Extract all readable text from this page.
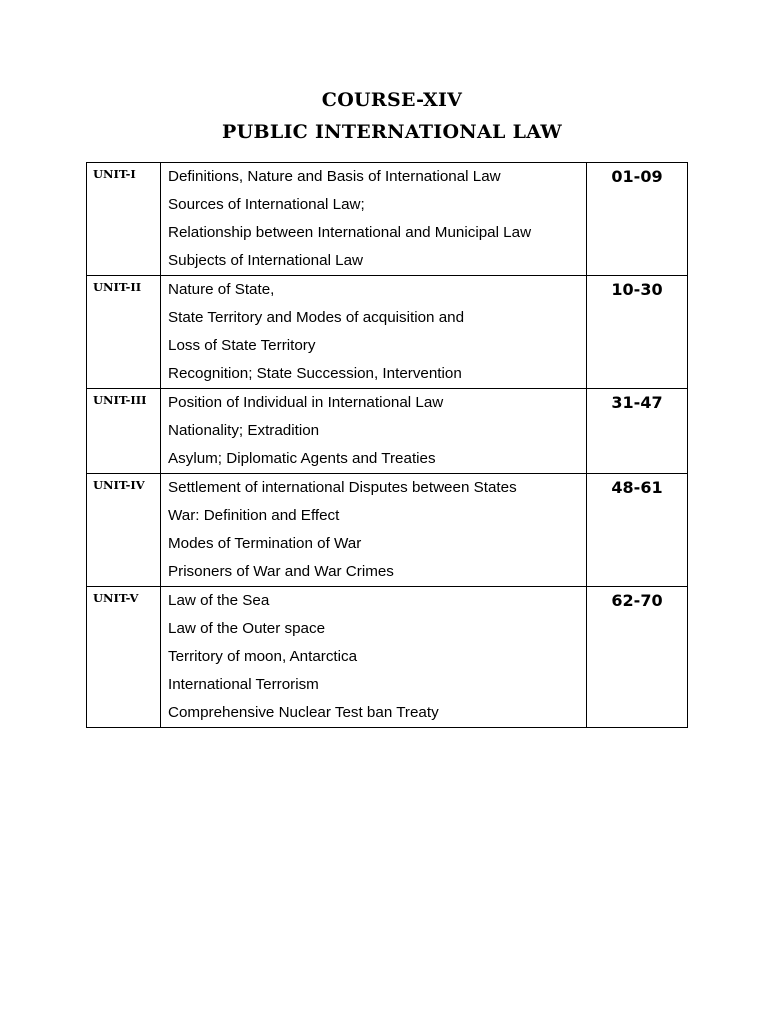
COURSE-XIV
PUBLIC INTERNATIONAL LAW
UNIT-I	Definitions, Nature and Basis of International Law
Sources of International Law;
Relationship between International and Municipal Law
Subjects of International Law	01-09
UNIT-II	Nature of State,
State Territory and Modes of acquisition and
Loss of State Territory
Recognition; State Succession, Intervention	10-30
UNIT-III	Position of Individual in International Law
Nationality; Extradition
Asylum; Diplomatic Agents and Treaties	31-47
UNIT-IV	Settlement of international Disputes between States
War: Definition and Effect
Modes of Termination of War
Prisoners of War and War Crimes	48-61
UNIT-V	Law of the Sea
Law of the Outer space
Territory of moon, Antarctica
International Terrorism
Comprehensive Nuclear Test ban Treaty	62-70
